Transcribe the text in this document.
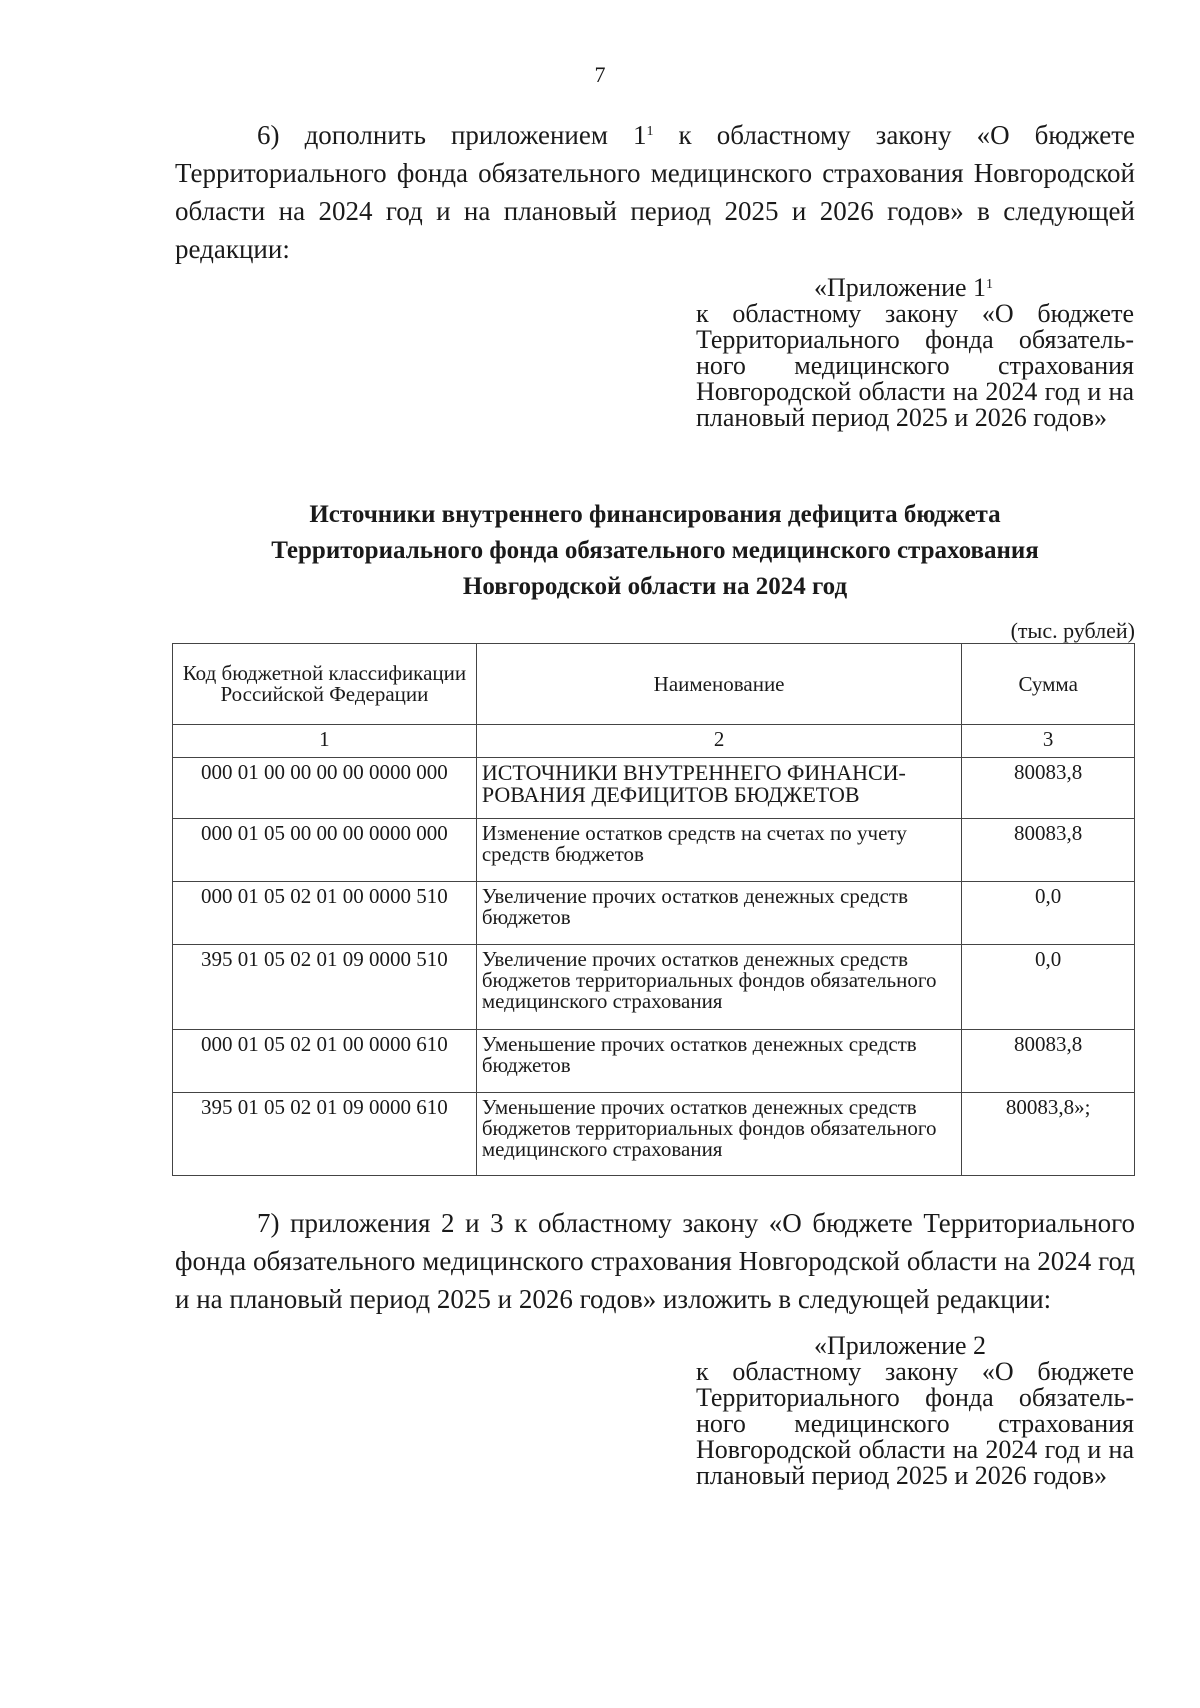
7
6) дополнить приложением $1^1$ к областному закону «О бюджете Территориального фонда обязательного медицинского страхования Новгородской области на 2024 год и на плановый период 2025 и 2026 годов» в следующей редакции:
«Приложение $1^1$
к областному закону «О бюджете Территориального фонда обязатель-ного медицинского страхования Новгородской области на 2024 год и на плановый период 2025 и 2026 годов»
Источники внутреннего финансирования дефицита бюджета
Территориального фонда обязательного медицинского страхования
Новгородской области на 2024 год
(тыс. рублей)
Код бюджетной классификации Российской Федерации	Наименование	Сумма
1	2	3
000 01 00 00 00 00 0000 000	ИСТОЧНИКИ ВНУТРЕННЕГО ФИНАНСИ-РОВАНИЯ ДЕФИЦИТОВ БЮДЖЕТОВ	80083,8
000 01 05 00 00 00 0000 000	Изменение остатков средств на счетах по учету средств бюджетов	80083,8
000 01 05 02 01 00 0000 510	Увеличение прочих остатков денежных средств бюджетов	0,0
395 01 05 02 01 09 0000 510	Увеличение прочих остатков денежных средств бюджетов территориальных фондов обязательного медицинского страхования	0,0
000 01 05 02 01 00 0000 610	Уменьшение прочих остатков денежных средств бюджетов	80083,8
395 01 05 02 01 09 0000 610	Уменьшение прочих остатков денежных средств бюджетов территориальных фондов обязательного медицинского страхования	80083,8»;
7) приложения 2 и 3 к областному закону «О бюджете Территориального фонда обязательного медицинского страхования Новгородской области на 2024 год и на плановый период 2025 и 2026 годов» изложить в следующей редакции:
«Приложение 2
к областному закону «О бюджете Территориального фонда обязатель-ного медицинского страхования Новгородской области на 2024 год и на плановый период 2025 и 2026 годов»
